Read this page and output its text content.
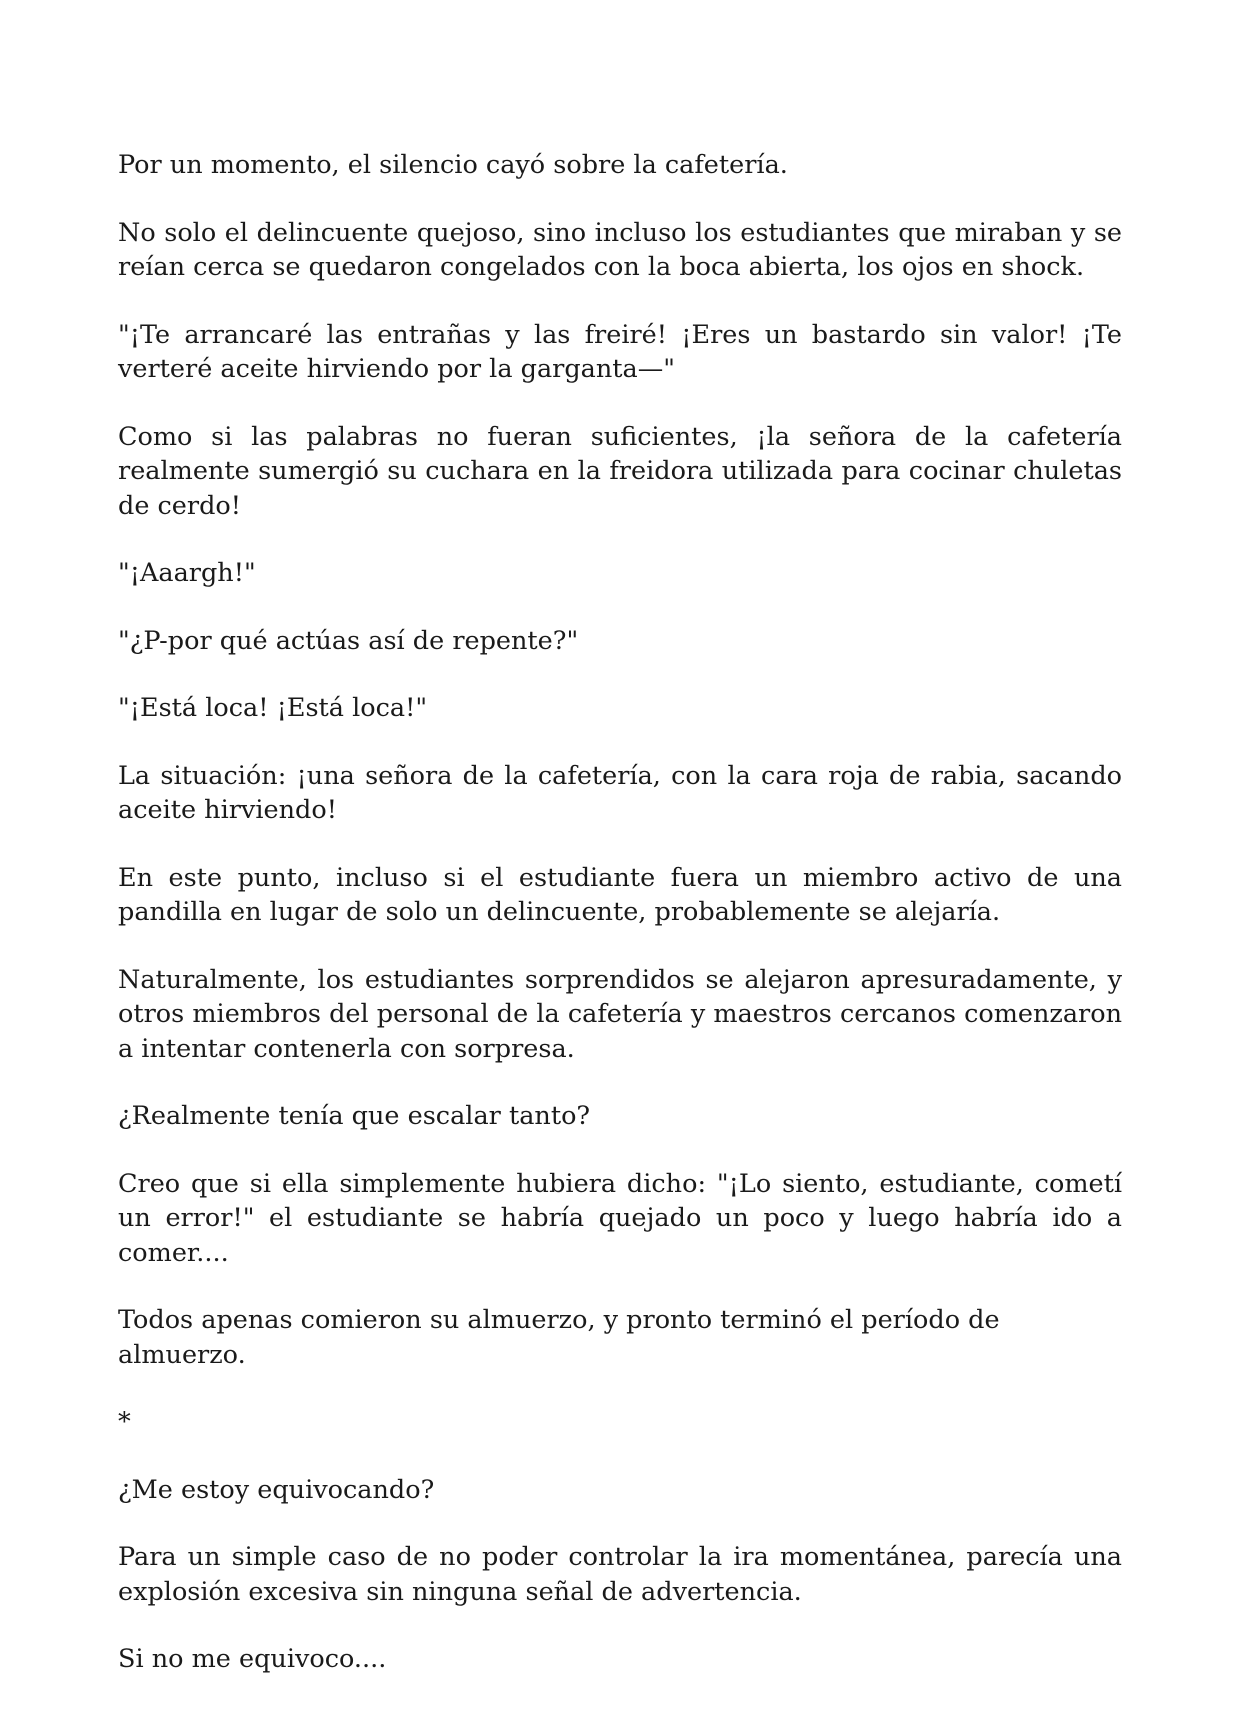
Por un momento, el silencio cayó sobre la cafetería.

No solo el delincuente quejoso, sino incluso los estudiantes que miraban y se reían cerca se quedaron congelados con la boca abierta, los ojos en shock.

"¡Te arrancaré las entrañas y las freiré! ¡Eres un bastardo sin valor! ¡Te verteré aceite hirviendo por la garganta—"

Como si las palabras no fueran suficientes, ¡la señora de la cafetería realmente sumergió su cuchara en la freidora utilizada para cocinar chuletas de cerdo!

"¡Aaargh!"

"¿P-por qué actúas así de repente?"

"¡Está loca! ¡Está loca!"

La situación: ¡una señora de la cafetería, con la cara roja de rabia, sacando aceite hirviendo!

En este punto, incluso si el estudiante fuera un miembro activo de una pandilla en lugar de solo un delincuente, probablemente se alejaría.

Naturalmente, los estudiantes sorprendidos se alejaron apresuradamente, y otros miembros del personal de la cafetería y maestros cercanos comenzaron a intentar contenerla con sorpresa.

¿Realmente tenía que escalar tanto?

Creo que si ella simplemente hubiera dicho: "¡Lo siento, estudiante, cometí un error!" el estudiante se habría quejado un poco y luego habría ido a comer....

Todos apenas comieron su almuerzo, y pronto terminó el período de almuerzo.

*

¿Me estoy equivocando?

Para un simple caso de no poder controlar la ira momentánea, parecía una explosión excesiva sin ninguna señal de advertencia.

Si no me equivoco....
